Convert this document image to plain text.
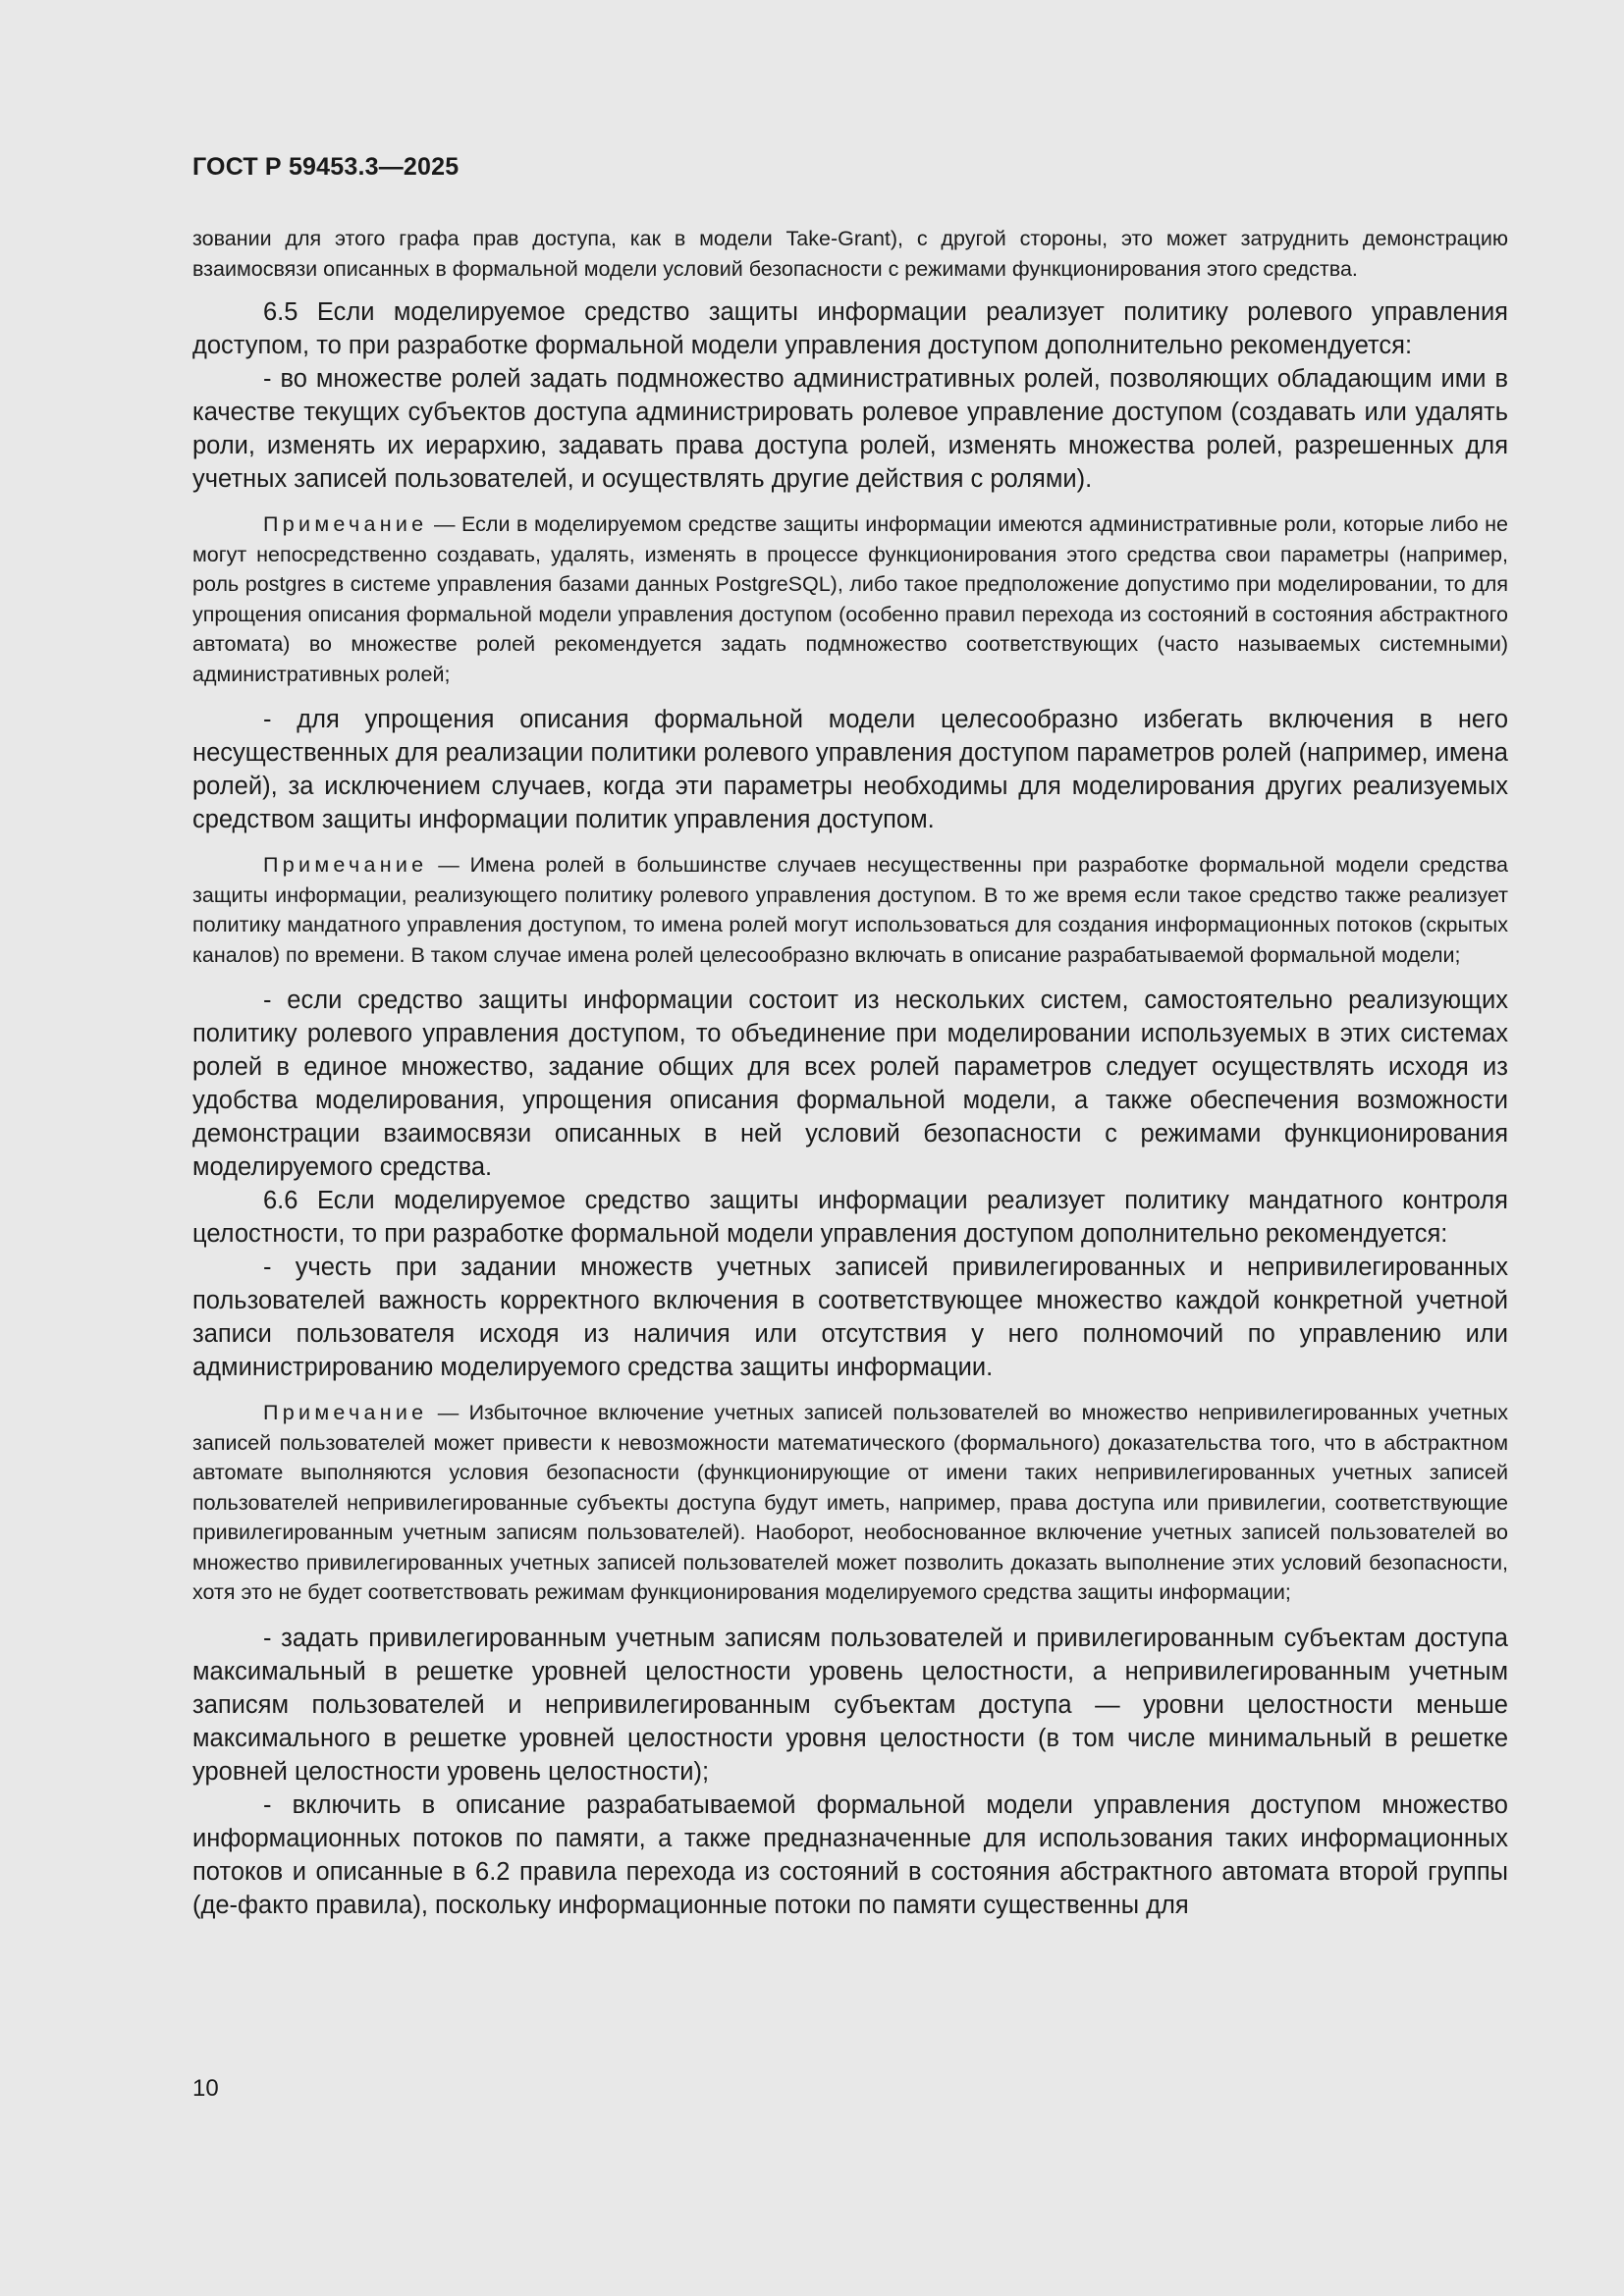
ГОСТ Р 59453.3—2025

зовании для этого графа прав доступа, как в модели Take-Grant), с другой стороны, это может затруднить демонстрацию взаимосвязи описанных в формальной модели условий безопасности с режимами функционирования этого средства.

6.5 Если моделируемое средство защиты информации реализует политику ролевого управления доступом, то при разработке формальной модели управления доступом дополнительно рекомендуется:

- во множестве ролей задать подмножество административных ролей, позволяющих обладающим ими в качестве текущих субъектов доступа администрировать ролевое управление доступом (создавать или удалять роли, изменять их иерархию, задавать права доступа ролей, изменять множества ролей, разрешенных для учетных записей пользователей, и осуществлять другие действия с ролями).

Примечание — Если в моделируемом средстве защиты информации имеются административные роли, которые либо не могут непосредственно создавать, удалять, изменять в процессе функционирования этого средства свои параметры (например, роль postgres в системе управления базами данных PostgreSQL), либо такое предположение допустимо при моделировании, то для упрощения описания формальной модели управления доступом (особенно правил перехода из состояний в состояния абстрактного автомата) во множестве ролей рекомендуется задать подмножество соответствующих (часто называемых системными) административных ролей;

- для упрощения описания формальной модели целесообразно избегать включения в него несущественных для реализации политики ролевого управления доступом параметров ролей (например, имена ролей), за исключением случаев, когда эти параметры необходимы для моделирования других реализуемых средством защиты информации политик управления доступом.

Примечание — Имена ролей в большинстве случаев несущественны при разработке формальной модели средства защиты информации, реализующего политику ролевого управления доступом. В то же время если такое средство также реализует политику мандатного управления доступом, то имена ролей могут использоваться для создания информационных потоков (скрытых каналов) по времени. В таком случае имена ролей целесообразно включать в описание разрабатываемой формальной модели;

- если средство защиты информации состоит из нескольких систем, самостоятельно реализующих политику ролевого управления доступом, то объединение при моделировании используемых в этих системах ролей в единое множество, задание общих для всех ролей параметров следует осуществлять исходя из удобства моделирования, упрощения описания формальной модели, а также обеспечения возможности демонстрации взаимосвязи описанных в ней условий безопасности с режимами функционирования моделируемого средства.

6.6 Если моделируемое средство защиты информации реализует политику мандатного контроля целостности, то при разработке формальной модели управления доступом дополнительно рекомендуется:

- учесть при задании множеств учетных записей привилегированных и непривилегированных пользователей важность корректного включения в соответствующее множество каждой конкретной учетной записи пользователя исходя из наличия или отсутствия у него полномочий по управлению или администрированию моделируемого средства защиты информации.

Примечание — Избыточное включение учетных записей пользователей во множество непривилегированных учетных записей пользователей может привести к невозможности математического (формального) доказательства того, что в абстрактном автомате выполняются условия безопасности (функционирующие от имени таких непривилегированных учетных записей пользователей непривилегированные субъекты доступа будут иметь, например, права доступа или привилегии, соответствующие привилегированным учетным записям пользователей). Наоборот, необоснованное включение учетных записей пользователей во множество привилегированных учетных записей пользователей может позволить доказать выполнение этих условий безопасности, хотя это не будет соответствовать режимам функционирования моделируемого средства защиты информации;

- задать привилегированным учетным записям пользователей и привилегированным субъектам доступа максимальный в решетке уровней целостности уровень целостности, а непривилегированным учетным записям пользователей и непривилегированным субъектам доступа — уровни целостности меньше максимального в решетке уровней целостности уровня целостности (в том числе минимальный в решетке уровней целостности уровень целостности);

- включить в описание разрабатываемой формальной модели управления доступом множество информационных потоков по памяти, а также предназначенные для использования таких информационных потоков и описанные в 6.2 правила перехода из состояний в состояния абстрактного автомата второй группы (де-факто правила), поскольку информационные потоки по памяти существенны для

10
